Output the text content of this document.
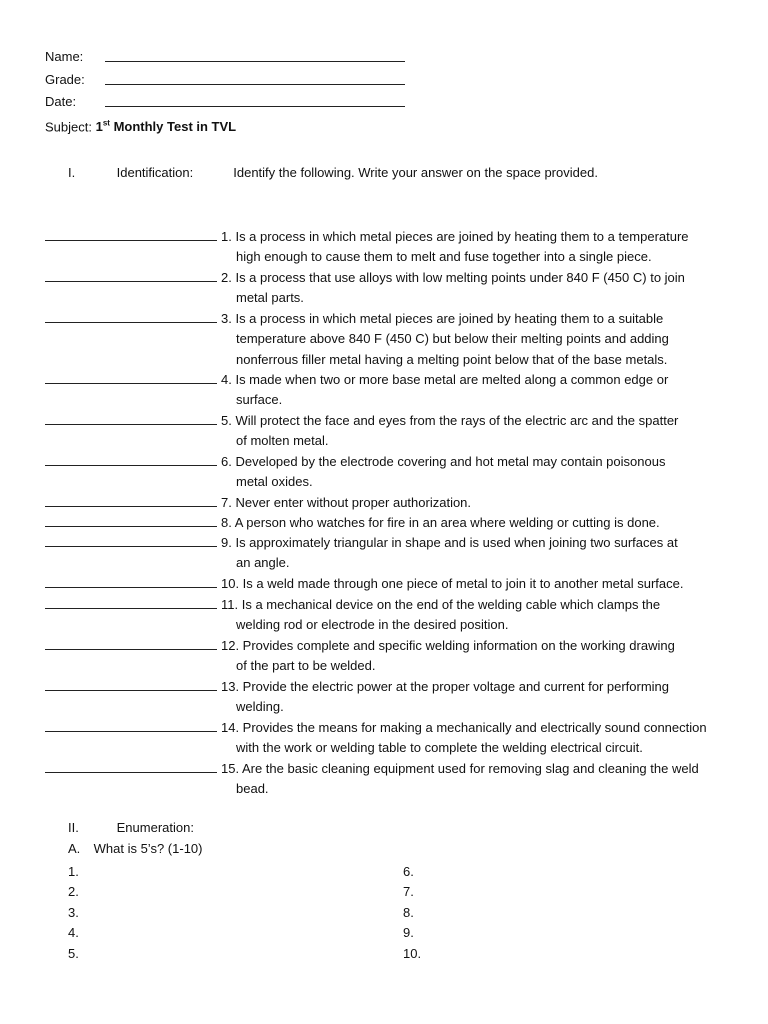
Name:
Grade:
Date:
Subject: 1st Monthly Test in TVL
I.	Identification:	Identify the following. Write your answer on the space provided.
1. Is a process in which metal pieces are joined by heating them to a temperature
high enough to cause them to melt and fuse together into a single piece.
2. Is a process that use alloys with low melting points under 840 F (450 C) to join
metal parts.
3. Is a process in which metal pieces are joined by heating them to a suitable
temperature above 840 F (450 C) but below their melting points and adding
nonferrous filler metal having a melting point below that of the base metals.
4. Is made when two or more base metal are melted along a common edge or
surface.
5. Will protect the face and eyes from the rays of the electric arc and the spatter
of molten metal.
6. Developed by the electrode covering and hot metal may contain poisonous
metal oxides.
7. Never enter without proper authorization.
8. A person who watches for fire in an area where welding or cutting is done.
9. Is approximately triangular in shape and is used when joining two surfaces at
an angle.
10. Is a weld made through one piece of metal to join it to another metal surface.
11. Is a mechanical device on the end of the welding cable which clamps the
welding rod or electrode in the desired position.
12. Provides complete and specific welding information on the working drawing
of the part to be welded.
13. Provide the electric power at the proper voltage and current for performing
welding.
14. Provides the means for making a mechanically and electrically sound connection
with the work or welding table to complete the welding electrical circuit.
15. Are the basic cleaning equipment used for removing slag and cleaning the weld
bead.
II.	Enumeration:
A. What is 5’s? (1-10)
1.
2.
3.
4.
5.
6.
7.
8.
9.
10.
